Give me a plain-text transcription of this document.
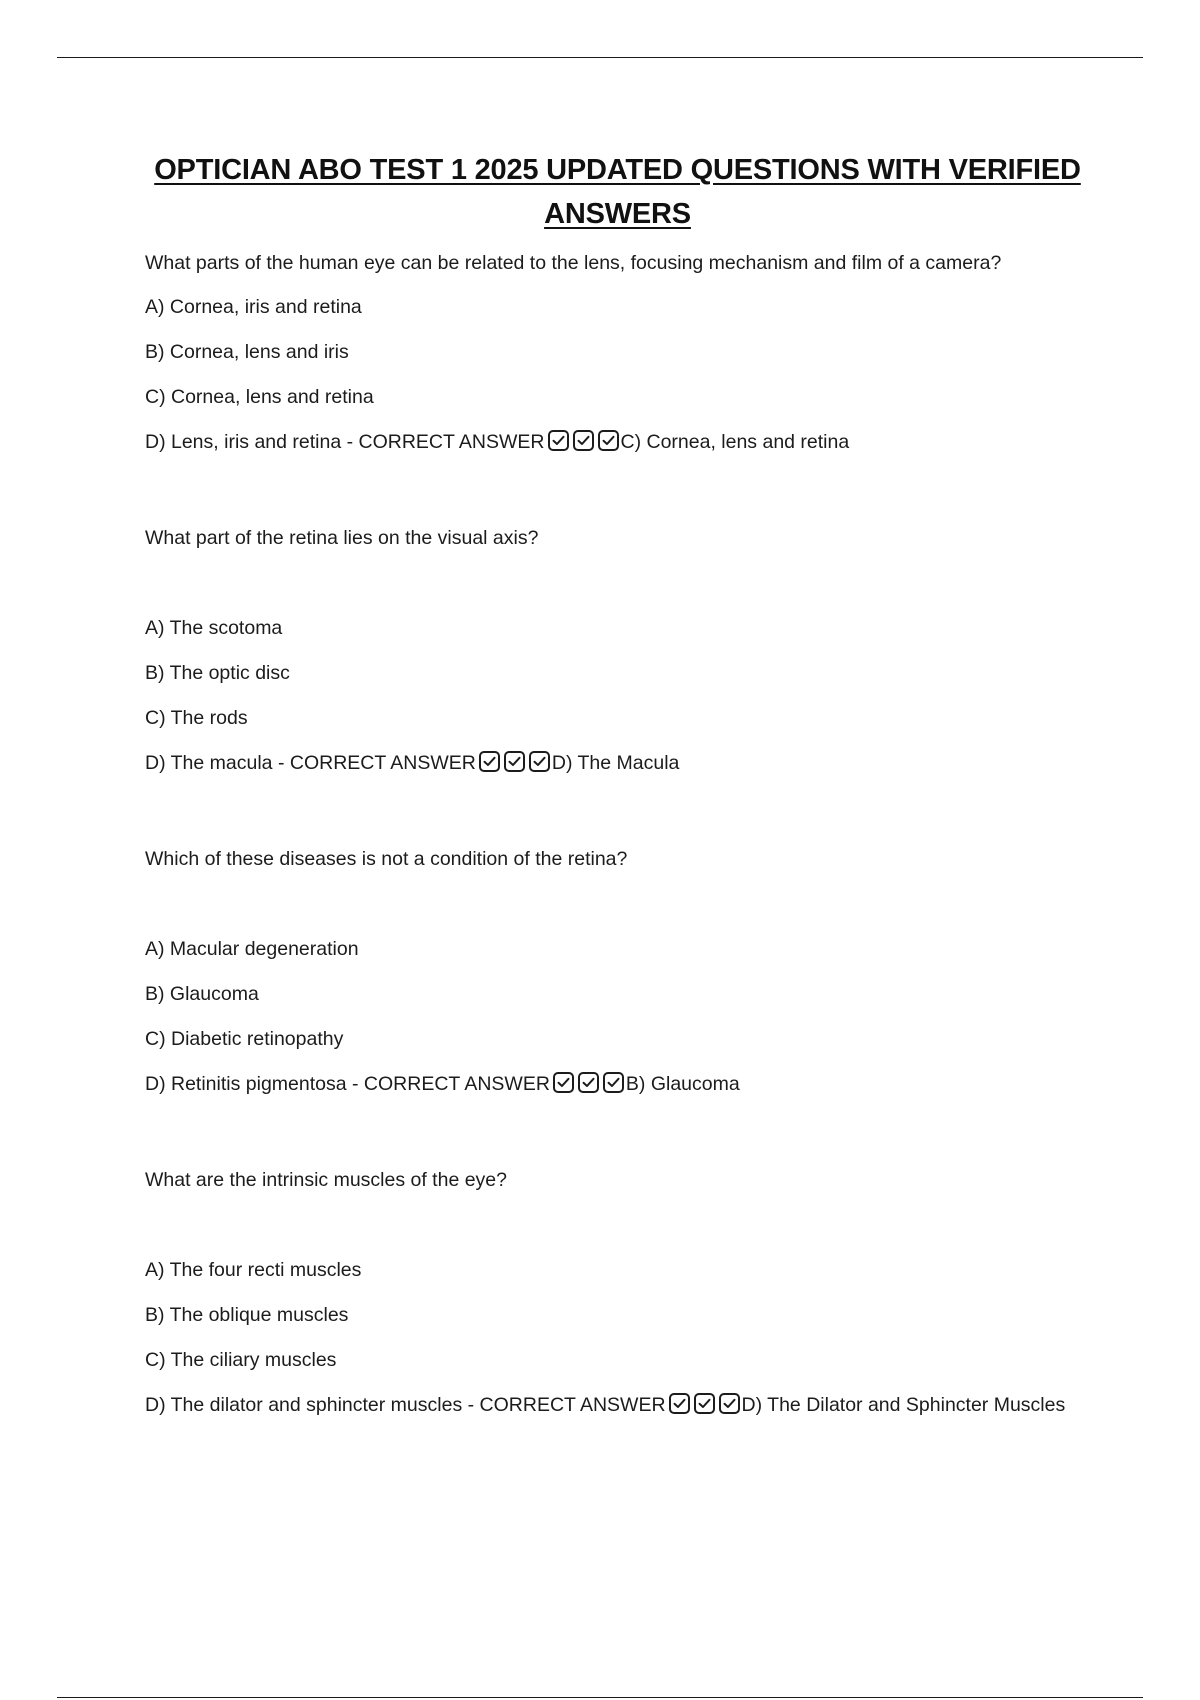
OPTICIAN ABO TEST 1 2025 UPDATED QUESTIONS WITH VERIFIED
ANSWERS
What parts of the human eye can be related to the lens, focusing mechanism and film of a camera?
A) Cornea, iris and retina
B) Cornea, lens and iris
C) Cornea, lens and retina
D) Lens, iris and retina - CORRECT ANSWER	C) Cornea, lens and retina
What part of the retina lies on the visual axis?
A) The scotoma
B) The optic disc
C) The rods
D) The macula - CORRECT ANSWER	D) The Macula
Which of these diseases is not a condition of the retina?
A) Macular degeneration
B) Glaucoma
C) Diabetic retinopathy
D) Retinitis pigmentosa - CORRECT ANSWER	B) Glaucoma
What are the intrinsic muscles of the eye?
A) The four recti muscles
B) The oblique muscles
C) The ciliary muscles
D) The dilator and sphincter muscles - CORRECT ANSWER	D) The Dilator and Sphincter Muscles
